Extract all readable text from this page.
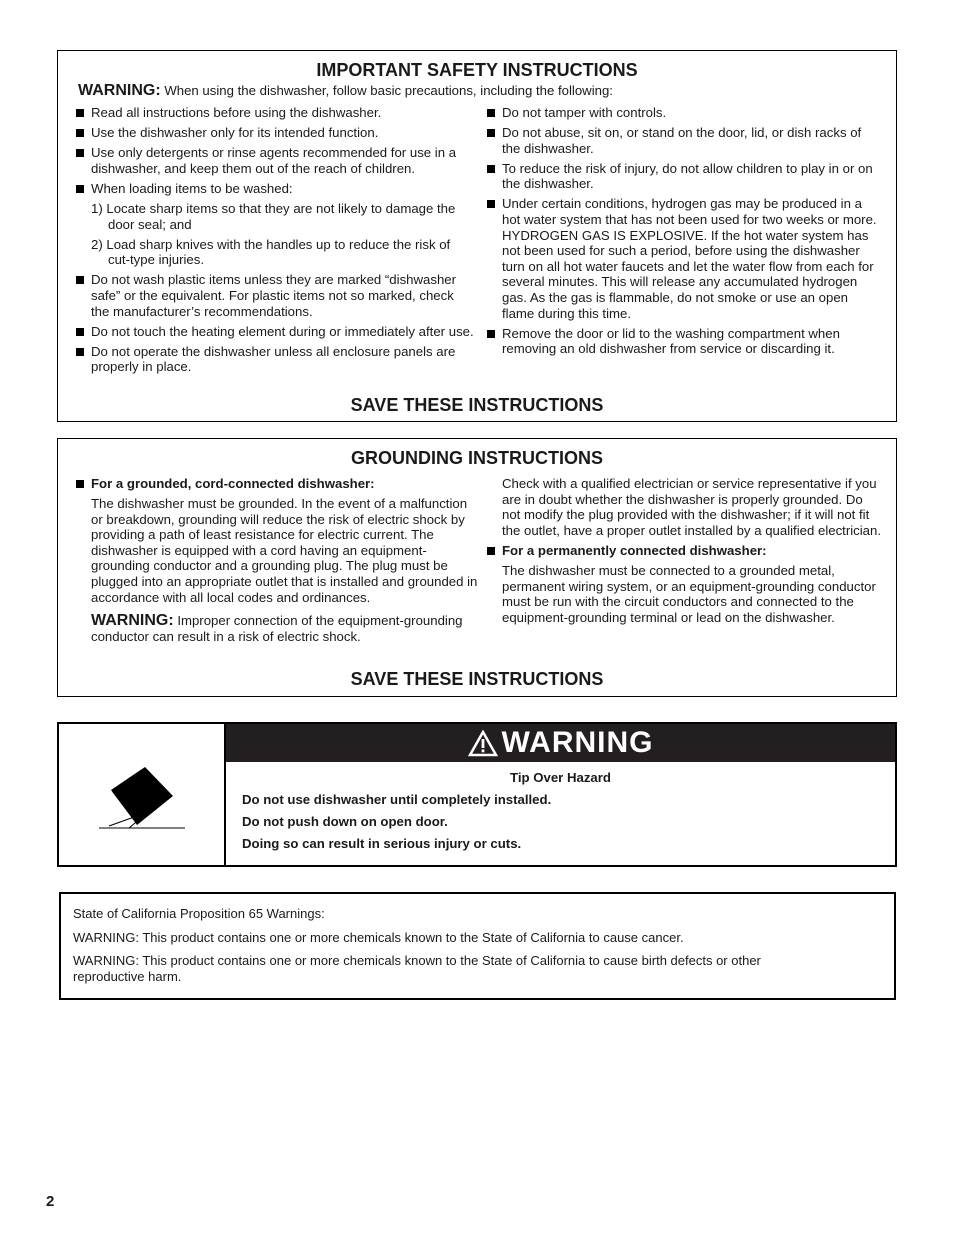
IMPORTANT SAFETY INSTRUCTIONS
WARNING: When using the dishwasher, follow basic precautions, including the following:
Read all instructions before using the dishwasher.
Use the dishwasher only for its intended function.
Use only detergents or rinse agents recommended for use in a dishwasher, and keep them out of the reach of children.
When loading items to be washed:

1) Locate sharp items so that they are not likely to damage the door seal; and

2) Load sharp knives with the handles up to reduce the risk of cut-type injuries.

Do not wash plastic items unless they are marked “dishwasher safe” or the equivalent. For plastic items not so marked, check the manufacturer’s recommendations.
Do not touch the heating element during or immediately after use.
Do not operate the dishwasher unless all enclosure panels are properly in place.
Do not tamper with controls.
Do not abuse, sit on, or stand on the door, lid, or dish racks of the dishwasher.
To reduce the risk of injury, do not allow children to play in or on the dishwasher.
Under certain conditions, hydrogen gas may be produced in a hot water system that has not been used for two weeks or more. HYDROGEN GAS IS EXPLOSIVE. If the hot water system has not been used for such a period, before using the dishwasher turn on all hot water faucets and let the water flow from each for several minutes. This will release any accumulated hydrogen gas. As the gas is flammable, do not smoke or use an open flame during this time.
Remove the door or lid to the washing compartment when removing an old dishwasher from service or discarding it.
SAVE THESE INSTRUCTIONS
GROUNDING INSTRUCTIONS
For a grounded, cord-connected dishwasher:
The dishwasher must be grounded. In the event of a malfunction or breakdown, grounding will reduce the risk of electric shock by providing a path of least resistance for electric current. The dishwasher is equipped with a cord having an equipment-grounding conductor and a grounding plug. The plug must be plugged into an appropriate outlet that is installed and grounded in accordance with all local codes and ordinances.
WARNING: Improper connection of the equipment-grounding conductor can result in a risk of electric shock.
Check with a qualified electrician or service representative if you are in doubt whether the dishwasher is properly grounded. Do not modify the plug provided with the dishwasher; if it will not fit the outlet, have a proper outlet installed by a qualified electrician.
For a permanently connected dishwasher:
The dishwasher must be connected to a grounded metal, permanent wiring system, or an equipment-grounding conductor must be run with the circuit conductors and connected to the equipment-grounding terminal or lead on the dishwasher.
SAVE THESE INSTRUCTIONS
WARNING
Tip Over Hazard
Do not use dishwasher until completely installed.
Do not push down on open door.
Doing so can result in serious injury or cuts.
State of California Proposition 65 Warnings:
WARNING: This product contains one or more chemicals known to the State of California to cause cancer.
WARNING: This product contains one or more chemicals known to the State of California to cause birth defects or other reproductive harm.
2
